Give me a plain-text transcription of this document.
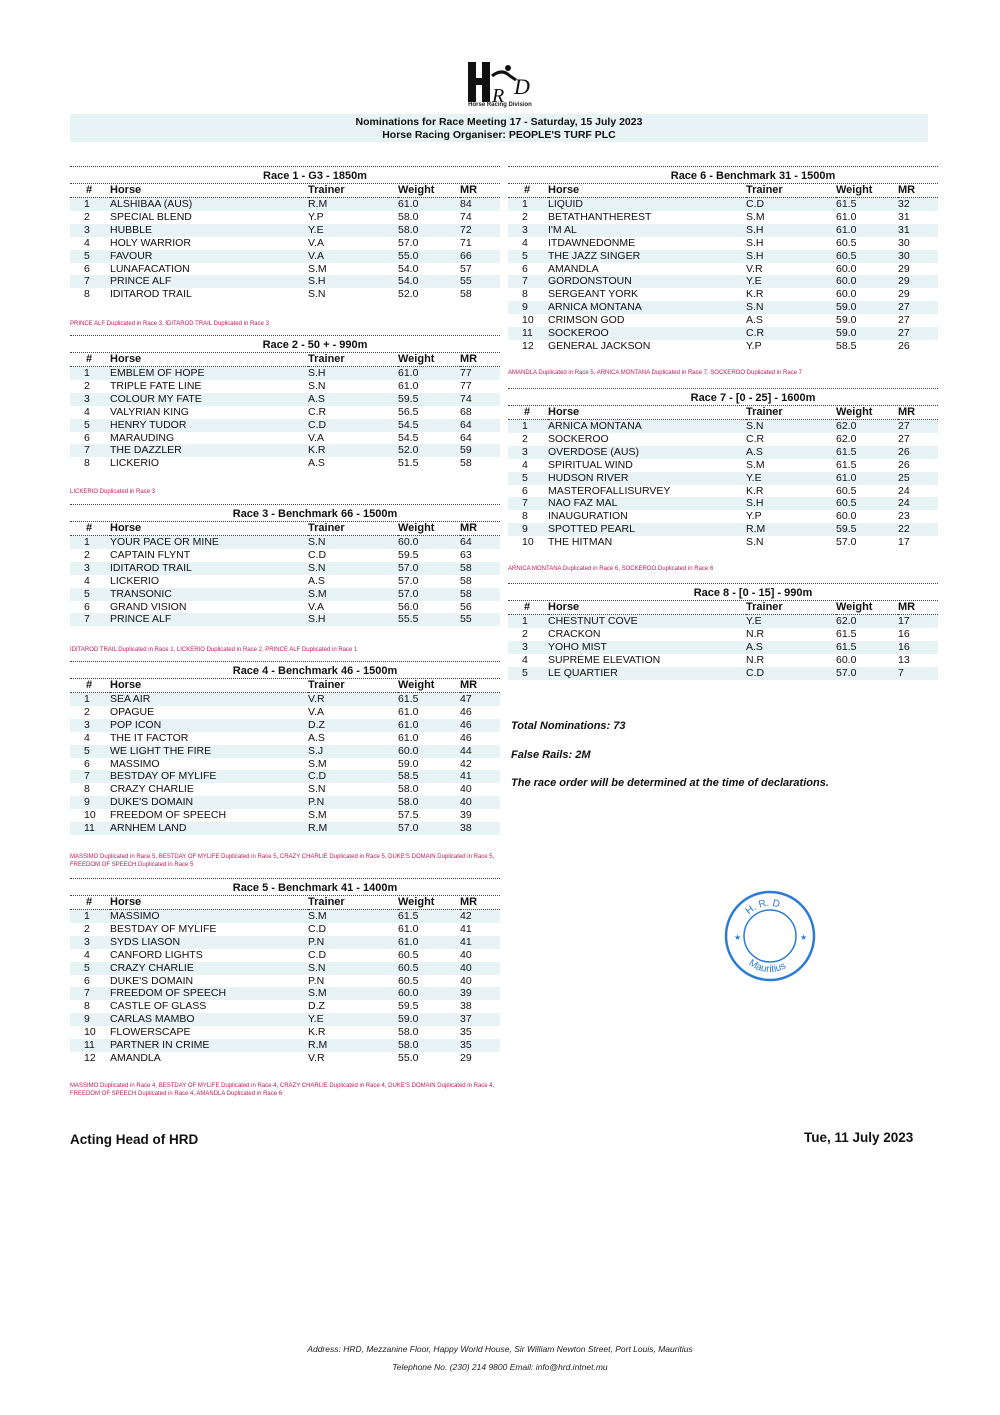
R D
Horse Racing Division
Nominations for Race Meeting 17 - Saturday, 15 July 2023
Horse Racing Organiser: PEOPLE'S TURF PLC
Race 1 - G3 - 1850m
#	Horse	Trainer	Weight	MR
1	ALSHIBAA (AUS)	R.M	61.0	84
2	SPECIAL BLEND	Y.P	58.0	74
3	HUBBLE	Y.E	58.0	72
4	HOLY WARRIOR	V.A	57.0	71
5	FAVOUR	V.A	55.0	66
6	LUNAFACATION	S.M	54.0	57
7	PRINCE ALF	S.H	54.0	55
8	IDITAROD TRAIL	S.N	52.0	58
PRINCE ALF Duplicated in Race 3, IDITAROD TRAIL Duplicated in Race 3
Race 2 - 50 + - 990m
#	Horse	Trainer	Weight	MR
1	EMBLEM OF HOPE	S.H	61.0	77
2	TRIPLE FATE LINE	S.N	61.0	77
3	COLOUR MY FATE	A.S	59.5	74
4	VALYRIAN KING	C.R	56.5	68
5	HENRY TUDOR	C.D	54.5	64
6	MARAUDING	V.A	54.5	64
7	THE DAZZLER	K.R	52.0	59
8	LICKERIO	A.S	51.5	58
LICKERIO Duplicated in Race 3
Race 3 - Benchmark 66 - 1500m
#	Horse	Trainer	Weight	MR
1	YOUR PACE OR MINE	S.N	60.0	64
2	CAPTAIN FLYNT	C.D	59.5	63
3	IDITAROD TRAIL	S.N	57.0	58
4	LICKERIO	A.S	57.0	58
5	TRANSONIC	S.M	57.0	58
6	GRAND VISION	V.A	56.0	56
7	PRINCE ALF	S.H	55.5	55
IDITAROD TRAIL Duplicated in Race 1, LICKERIO Duplicated in Race 2, PRINCE ALF Duplicated in Race 1
Race 4 - Benchmark 46 - 1500m
#	Horse	Trainer	Weight	MR
1	SEA AIR	V.R	61.5	47
2	OPAGUE	V.A	61.0	46
3	POP ICON	D.Z	61.0	46
4	THE IT FACTOR	A.S	61.0	46
5	WE LIGHT THE FIRE	S.J	60.0	44
6	MASSIMO	S.M	59.0	42
7	BESTDAY OF MYLIFE	C.D	58.5	41
8	CRAZY CHARLIE	S.N	58.0	40
9	DUKE'S DOMAIN	P.N	58.0	40
10	FREEDOM OF SPEECH	S.M	57.5	39
11	ARNHEM LAND	R.M	57.0	38
MASSIMO Duplicated in Race 5, BESTDAY OF MYLIFE Duplicated in Race 5, CRAZY CHARLIE Duplicated in Race 5, DUKE'S DOMAIN Duplicated in Race 5, FREEDOM OF SPEECH Duplicated in Race 5
Race 5 - Benchmark 41 - 1400m
#	Horse	Trainer	Weight	MR
1	MASSIMO	S.M	61.5	42
2	BESTDAY OF MYLIFE	C.D	61.0	41
3	SYDS LIASON	P.N	61.0	41
4	CANFORD LIGHTS	C.D	60.5	40
5	CRAZY CHARLIE	S.N	60.5	40
6	DUKE'S DOMAIN	P.N	60.5	40
7	FREEDOM OF SPEECH	S.M	60.0	39
8	CASTLE OF GLASS	D.Z	59.5	38
9	CARLAS MAMBO	Y.E	59.0	37
10	FLOWERSCAPE	K.R	58.0	35
11	PARTNER IN CRIME	R.M	58.0	35
12	AMANDLA	V.R	55.0	29
MASSIMO Duplicated in Race 4, BESTDAY OF MYLIFE Duplicated in Race 4, CRAZY CHARLIE Duplicated in Race 4, DUKE'S DOMAIN Duplicated in Race 4, FREEDOM OF SPEECH Duplicated in Race 4, AMANDLA Duplicated in Race 6
Race 6 - Benchmark 31 - 1500m
#	Horse	Trainer	Weight	MR
1	LIQUID	C.D	61.5	32
2	BETATHANTHEREST	S.M	61.0	31
3	I'M AL	S.H	61.0	31
4	ITDAWNEDONME	S.H	60.5	30
5	THE JAZZ SINGER	S.H	60.5	30
6	AMANDLA	V.R	60.0	29
7	GORDONSTOUN	Y.E	60.0	29
8	SERGEANT YORK	K.R	60.0	29
9	ARNICA MONTANA	S.N	59.0	27
10	CRIMSON GOD	A.S	59.0	27
11	SOCKEROO	C.R	59.0	27
12	GENERAL JACKSON	Y.P	58.5	26
AMANDLA Duplicated in Race 5, ARNICA MONTANA Duplicated in Race 7, SOCKEROO Duplicated in Race 7
Race 7 - [0 - 25] - 1600m
#	Horse	Trainer	Weight	MR
1	ARNICA MONTANA	S.N	62.0	27
2	SOCKEROO	C.R	62.0	27
3	OVERDOSE (AUS)	A.S	61.5	26
4	SPIRITUAL WIND	S.M	61.5	26
5	HUDSON RIVER	Y.E	61.0	25
6	MASTEROFALLISURVEY	K.R	60.5	24
7	NAO FAZ MAL	S.H	60.5	24
8	INAUGURATION	Y.P	60.0	23
9	SPOTTED PEARL	R.M	59.5	22
10	THE HITMAN	S.N	57.0	17
ARNICA MONTANA Duplicated in Race 6, SOCKEROO Duplicated in Race 6
Race 8 - [0 - 15] - 990m
#	Horse	Trainer	Weight	MR
1	CHESTNUT COVE	Y.E	62.0	17
2	CRACKON	N.R	61.5	16
3	YOHO MIST	A.S	61.5	16
4	SUPREME ELEVATION	N.R	60.0	13
5	LE QUARTIER	C.D	57.0	7
Total Nominations: 73
False Rails: 2M
The race order will be determined at the time of declarations.
H. R. D
Mauritius
★	★
Acting Head of HRD	Tue, 11 July 2023
Address: HRD, Mezzanine Floor, Happy World House, Sir William Newton Street, Port Louis, Mauritius
Telephone No. (230) 214 9800 Email: info@hrd.intnet.mu
